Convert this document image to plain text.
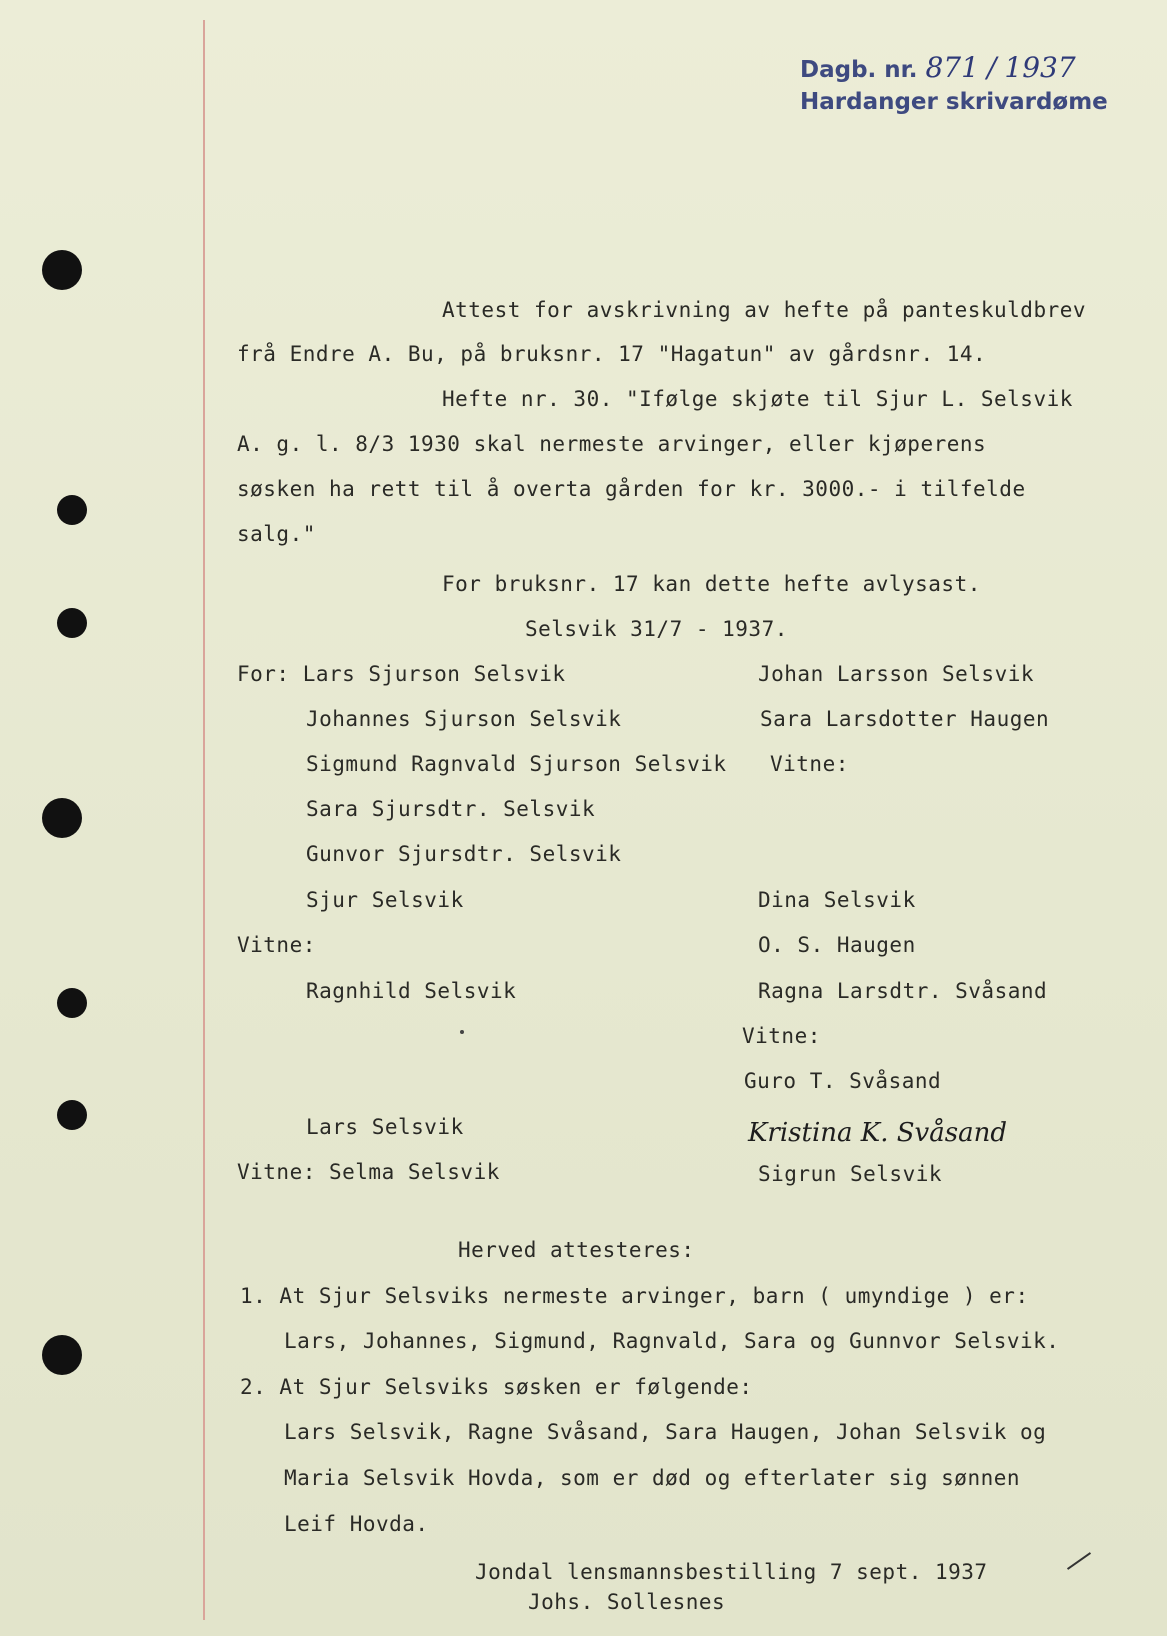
Dagb. nr. 871 / 1937
Hardanger skrivardøme
Attest for avskrivning av hefte på panteskuldbrev
frå Endre A. Bu, på bruksnr. 17 "Hagatun" av gårdsnr. 14.
Hefte nr. 30. "Ifølge skjøte til Sjur L. Selsvik
A. g. l. 8/3 1930 skal nermeste arvinger, eller kjøperens
søsken ha rett til å overta gården for kr. 3000.- i tilfelde
salg."
For bruksnr. 17 kan dette hefte avlysast.
Selsvik 31/7 - 1937.
For: Lars Sjurson Selsvik
Johannes Sjurson Selsvik
Sigmund Ragnvald Sjurson Selsvik
Sara Sjursdtr. Selsvik
Gunvor Sjursdtr. Selsvik
Sjur Selsvik
Vitne:
Ragnhild Selsvik
Lars Selsvik
Vitne: Selma Selsvik
Johan Larsson Selsvik
Sara Larsdotter Haugen
Vitne:
Dina Selsvik
O. S. Haugen
Ragna Larsdtr. Svåsand
Vitne:
Guro T. Svåsand
Kristina K. Svåsand
Sigrun Selsvik
Herved attesteres:
1. At Sjur Selsviks nermeste arvinger, barn ( umyndige ) er:
Lars, Johannes, Sigmund, Ragnvald, Sara og Gunnvor Selsvik.
2. At Sjur Selsviks søsken er følgende:
Lars Selsvik, Ragne Svåsand, Sara Haugen, Johan Selsvik og
Maria Selsvik Hovda, som er død og efterlater sig sønnen
Leif Hovda.
Jondal lensmannsbestilling 7 sept. 1937
Johs. Sollesnes
